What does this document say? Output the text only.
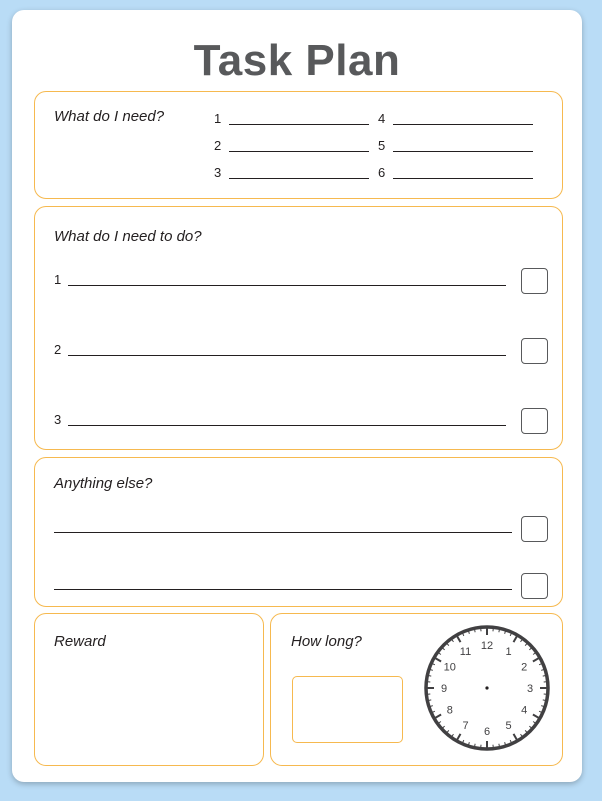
Task Plan
What do I need?	1
2
3
4
5
6
What do I need to do?
1
2
3
Anything else?
Reward	How long?	12 1
2
3
4
5
6
7
8
9
10
11
